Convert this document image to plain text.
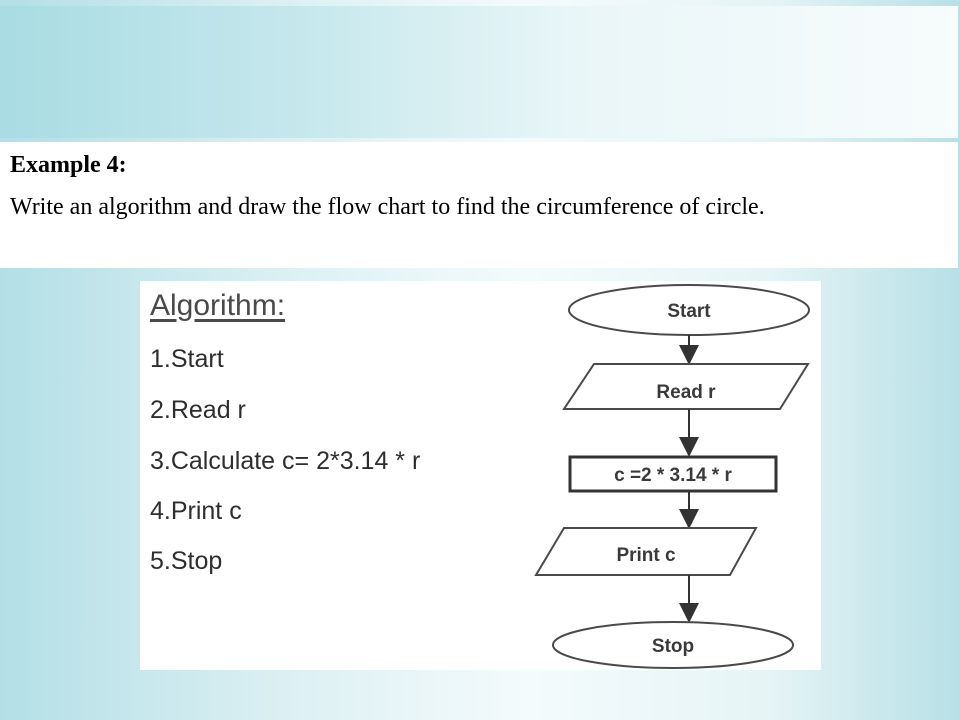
Example 4:
Write an algorithm and draw the flow chart to find the circumference of circle.
Algorithm:
1.Start
2.Read r
3.Calculate c= 2*3.14 * r
4.Print c
5.Stop
Start
Read r
c =2 * 3.14 * r
Print c
Stop
